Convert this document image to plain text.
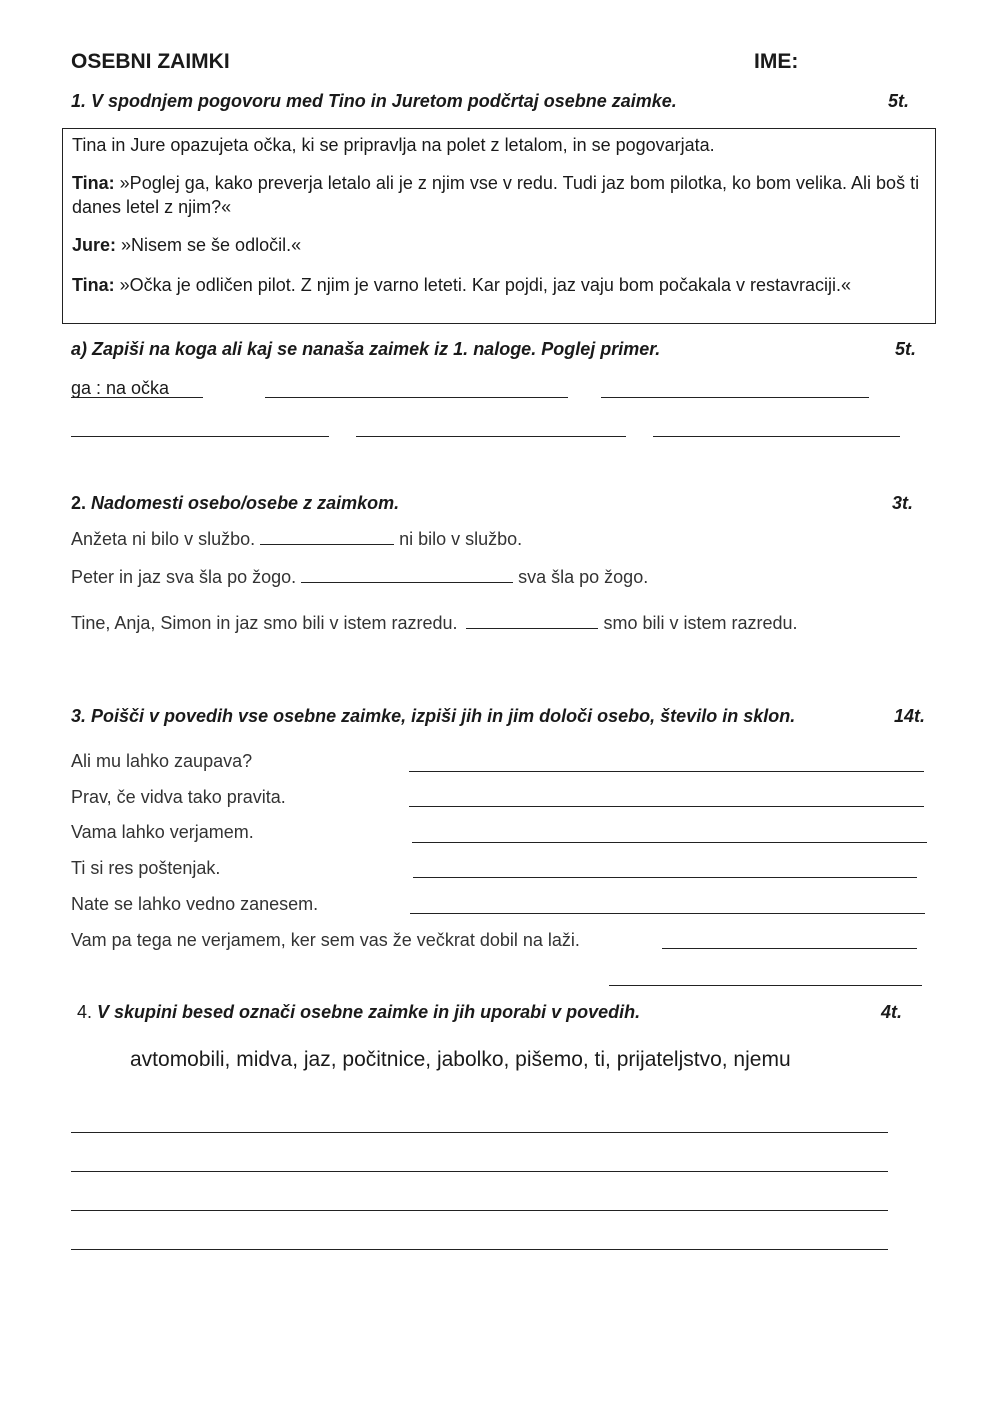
OSEBNI ZAIMKI	IME:
1. V spodnjem pogovoru med Tino in Juretom podčrtaj osebne zaimke.	5t.

Tina in Jure opazujeta očka, ki se pripravlja na polet z letalom, in se pogovarjata.

Tina: »Poglej ga, kako preverja letalo ali je z njim vse v redu. Tudi jaz bom pilotka, ko bom velika. Ali boš ti danes letel z njim?«

Jure: »Nisem se še odločil.«

Tina: »Očka je odličen pilot. Z njim je varno leteti. Kar pojdi, jaz vaju bom počakala v restavraciji.«

a) Zapiši na koga ali kaj se nanaša zaimek iz 1. naloge. Poglej primer.	5t.
ga : na očka
2. Nadomesti osebo/osebe z zaimkom.	3t.
Anžeta ni bilo v službo.	ni bilo v službo.
Peter in jaz sva šla po žogo.	sva šla po žogo.
Tine, Anja, Simon in jaz smo bili v istem razredu.	smo bili v istem razredu.
3. Poišči v povedih vse osebne zaimke, izpiši jih in jim določi osebo, število in sklon.	14t.
Ali mu lahko zaupava?
Prav, če vidva tako pravita.
Vama lahko verjamem.
Ti si res poštenjak.
Nate se lahko vedno zanesem.
Vam pa tega ne verjamem, ker sem vas že večkrat dobil na laži.
4. V skupini besed označi osebne zaimke in jih uporabi v povedih.	4t.
avtomobili, midva, jaz, počitnice, jabolko, pišemo, ti, prijateljstvo, njemu
